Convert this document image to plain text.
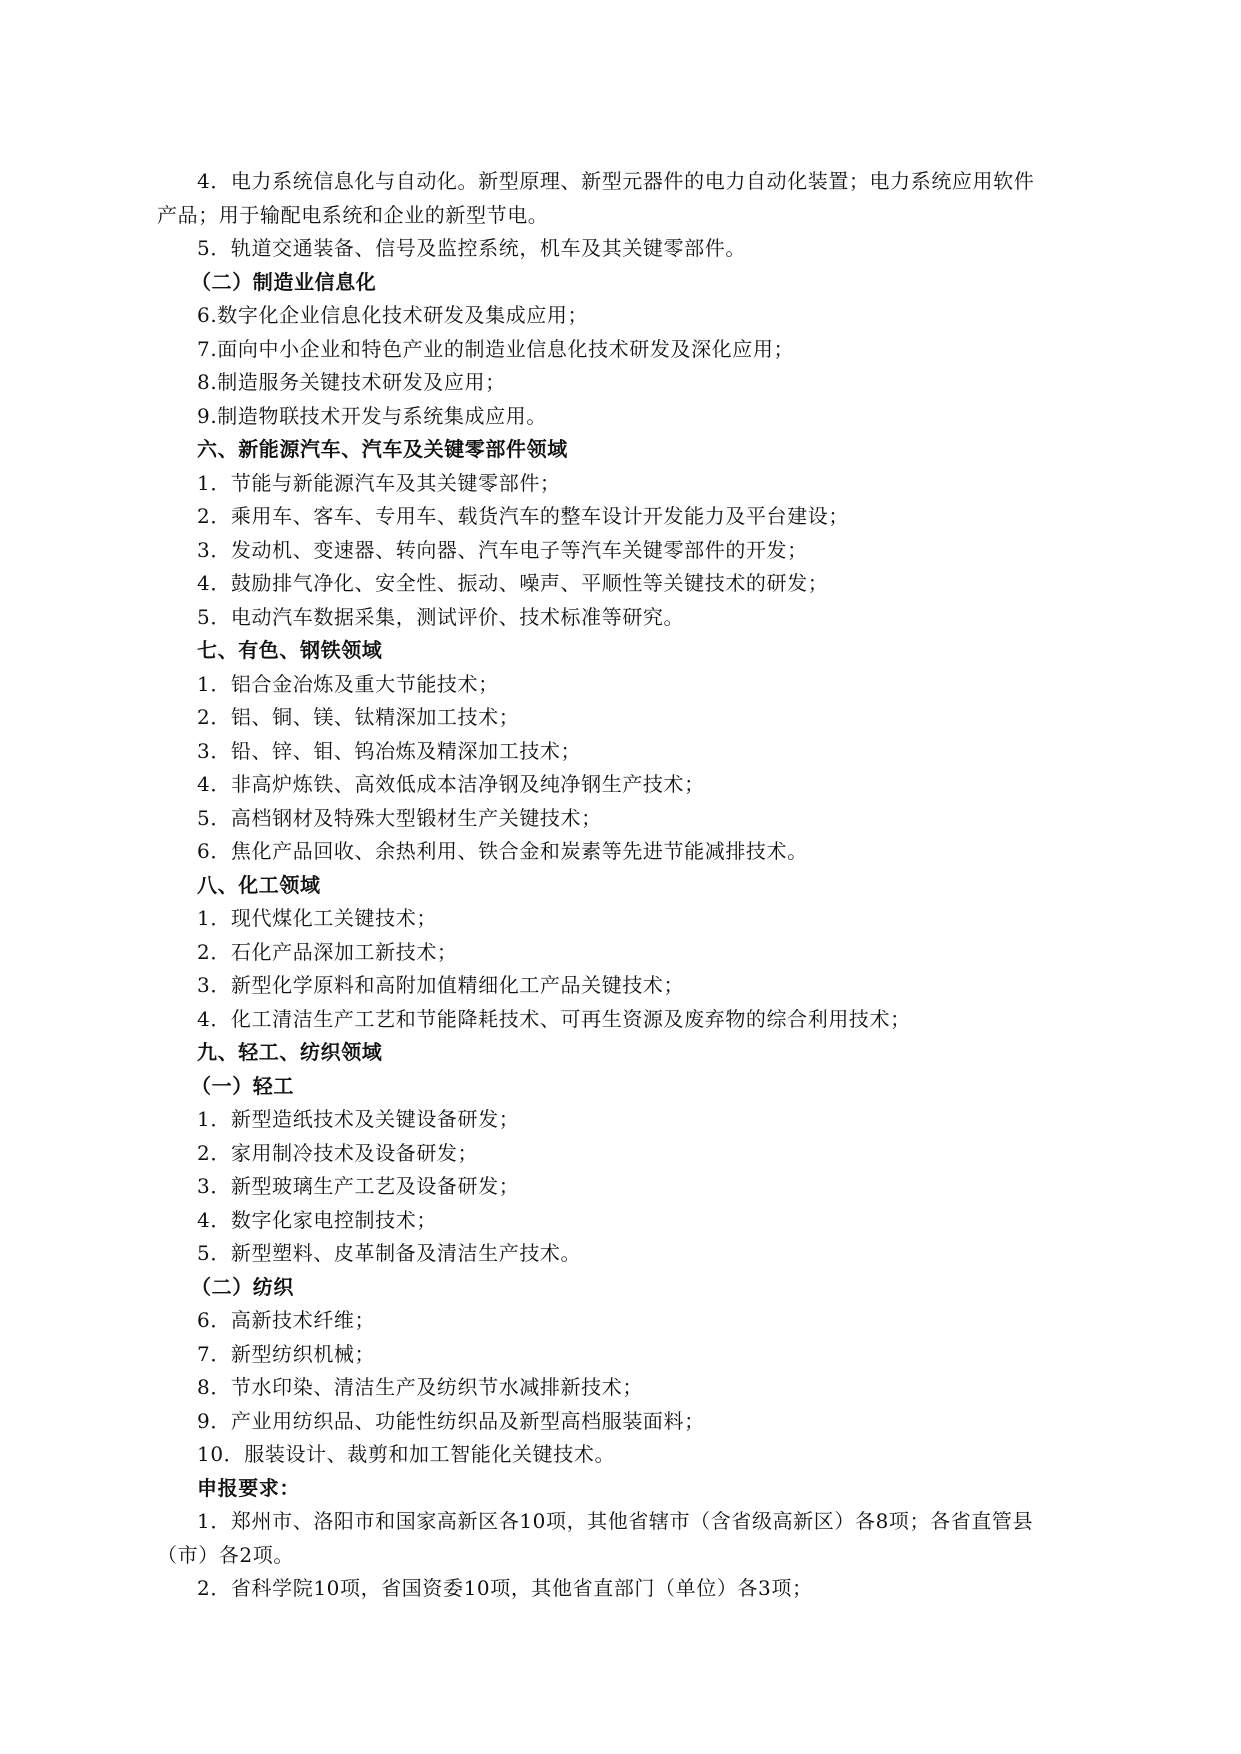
4．电力系统信息化与自动化。新型原理、新型元器件的电力自动化装置；电力系统应用软件
产品；用于输配电系统和企业的新型节电。
5．轨道交通装备、信号及监控系统，机车及其关键零部件。
（二）制造业信息化
6.数字化企业信息化技术研发及集成应用；
7.面向中小企业和特色产业的制造业信息化技术研发及深化应用；
8.制造服务关键技术研发及应用；
9.制造物联技术开发与系统集成应用。
六、新能源汽车、汽车及关键零部件领域
1．节能与新能源汽车及其关键零部件；
2．乘用车、客车、专用车、载货汽车的整车设计开发能力及平台建设；
3．发动机、变速器、转向器、汽车电子等汽车关键零部件的开发；
4．鼓励排气净化、安全性、振动、噪声、平顺性等关键技术的研发；
5．电动汽车数据采集，测试评价、技术标准等研究。
七、有色、钢铁领域
1．铝合金冶炼及重大节能技术；
2．铝、铜、镁、钛精深加工技术；
3．铅、锌、钼、钨冶炼及精深加工技术；
4．非高炉炼铁、高效低成本洁净钢及纯净钢生产技术；
5．高档钢材及特殊大型锻材生产关键技术；
6．焦化产品回收、余热利用、铁合金和炭素等先进节能减排技术。
八、化工领域
1．现代煤化工关键技术；
2．石化产品深加工新技术；
3．新型化学原料和高附加值精细化工产品关键技术；
4．化工清洁生产工艺和节能降耗技术、可再生资源及废弃物的综合利用技术；
九、轻工、纺织领域
（一）轻工
1．新型造纸技术及关键设备研发；
2．家用制冷技术及设备研发；
3．新型玻璃生产工艺及设备研发；
4．数字化家电控制技术；
5．新型塑料、皮革制备及清洁生产技术。
（二）纺织
6．高新技术纤维；
7．新型纺织机械；
8．节水印染、清洁生产及纺织节水减排新技术；
9．产业用纺织品、功能性纺织品及新型高档服装面料；
10．服装设计、裁剪和加工智能化关键技术。
申报要求：
1．郑州市、洛阳市和国家高新区各10项，其他省辖市（含省级高新区）各8项；各省直管县
（市）各2项。
2．省科学院10项，省国资委10项，其他省直部门（单位）各3项；
